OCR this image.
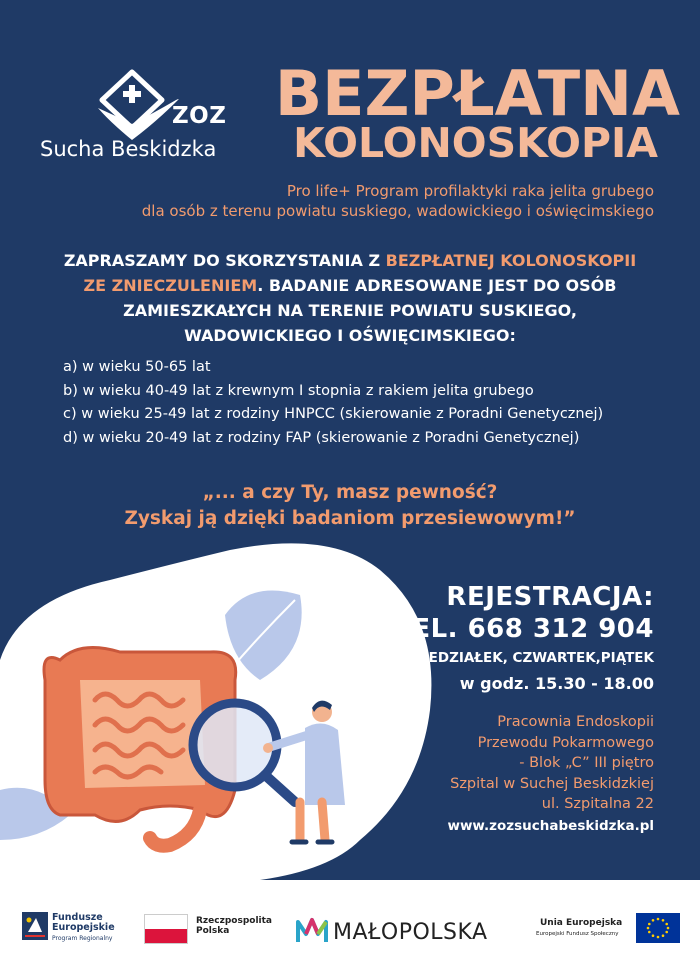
ZOZ
Sucha Beskidzka
BEZPŁATNA
KOLONOSKOPIA
Pro life+ Program profilaktyki raka jelita grubego
dla osób z terenu powiatu suskiego, wadowickiego i oświęcimskiego
ZAPRASZAMY DO SKORZYSTANIA Z BEZPŁATNEJ KOLONOSKOPII
ZE ZNIECZULENIEM. BADANIE ADRESOWANE JEST DO OSÓB
ZAMIESZKAŁYCH NA TERENIE POWIATU SUSKIEGO,
WADOWICKIEGO I OŚWIĘCIMSKIEGO:
a) w wieku 50-65 lat
b) w wieku 40-49 lat z krewnym I stopnia z rakiem jelita grubego
c) w wieku 25-49 lat z rodziny HNPCC (skierowanie z Poradni Genetycznej)
d) w wieku 20-49 lat z rodziny FAP (skierowanie z Poradni Genetycznej)
„... a czy Ty, masz pewność?
Zyskaj ją dzięki badaniom przesiewowym!”
REJESTRACJA:
TEL. 668 312 904
PONIEDZIAŁEK, CZWARTEK,PIĄTEK
w godz. 15.30 - 18.00
Pracownia Endoskopii
Przewodu Pokarmowego
- Blok „C” III piętro
Szpital w Suchej Beskidzkiej
ul. Szpitalna 22
www.zozsuchabeskidzka.pl
Fundusze
Europejskie
Program Regionalny
Rzeczpospolita
Polska	MAŁOPOLSKA	Unia Europejska
Europejski Fundusz Społeczny
